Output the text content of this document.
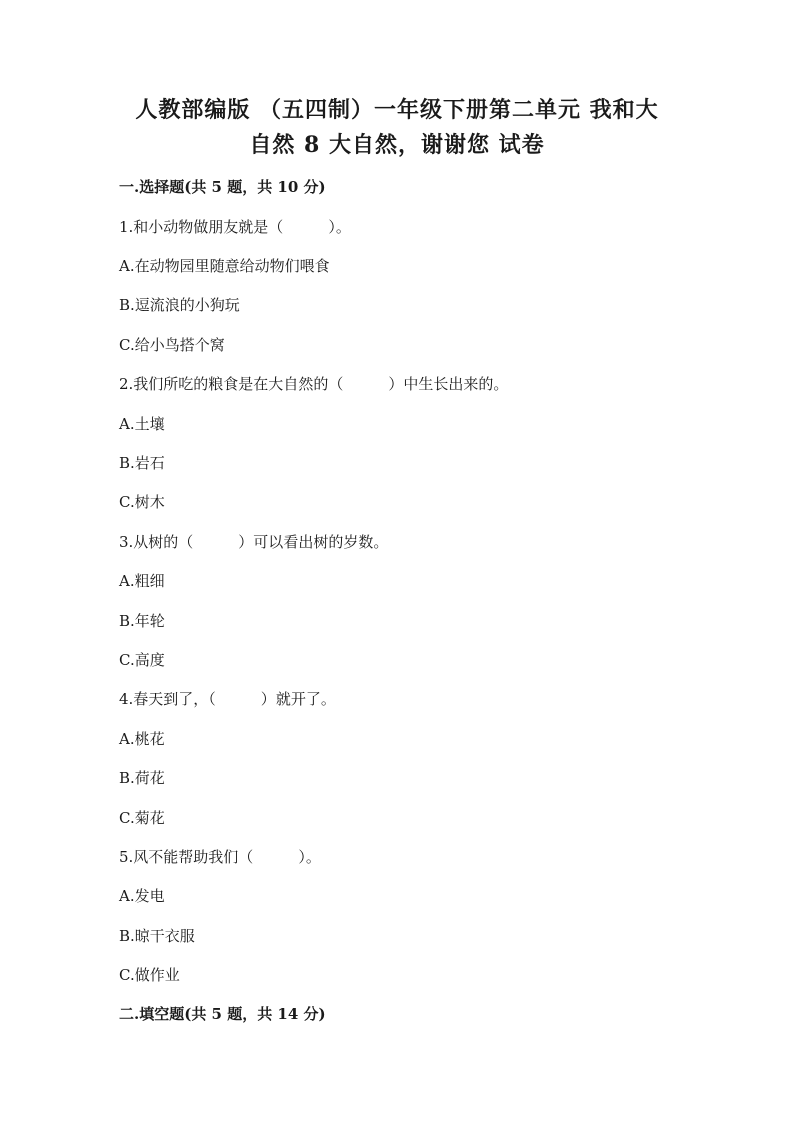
人教部编版 （五四制）一年级下册第二单元 我和大
自然 8 大自然，谢谢您 试卷
一.选择题(共 5 题，共 10 分)
1.和小动物做朋友就是（　　　）。
A.在动物园里随意给动物们喂食
B.逗流浪的小狗玩
C.给小鸟搭个窝
2.我们所吃的粮食是在大自然的（　　　）中生长出来的。
A.土壤
B.岩石
C.树木
3.从树的（　　　）可以看出树的岁数。
A.粗细
B.年轮
C.高度
4.春天到了，（　　　）就开了。
A.桃花
B.荷花
C.菊花
5.风不能帮助我们（　　　）。
A.发电
B.晾干衣服
C.做作业
二.填空题(共 5 题，共 14 分)
